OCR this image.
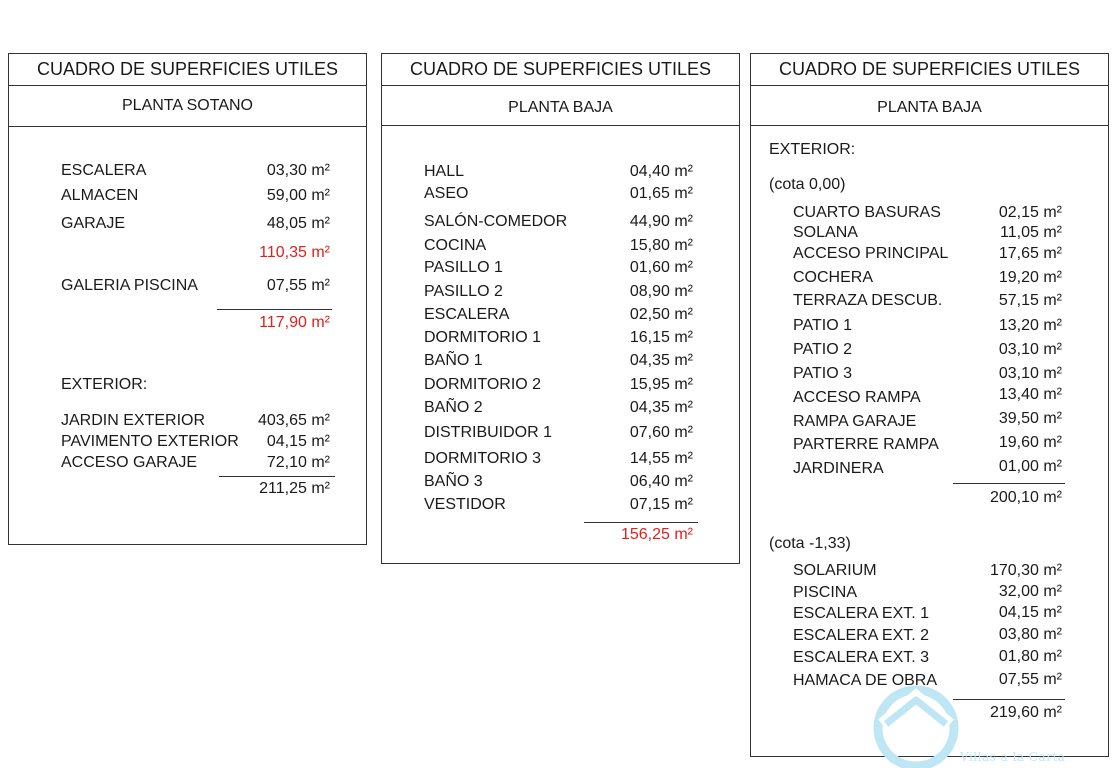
CUADRO DE SUPERFICIES UTILES
PLANTA SOTANO
ESCALERA	03,30 m²
ALMACEN	59,00 m²
GARAJE	48,05 m²
110,35 m²
GALERIA PISCINA	07,55 m²
117,90 m²
EXTERIOR:
JARDIN EXTERIOR	403,65 m²
PAVIMENTO EXTERIOR 04,15 m²
ACCESO GARAJE	72,10 m²
211,25 m²
CUADRO DE SUPERFICIES UTILES
PLANTA BAJA
HALL	04,40 m²
ASEO	01,65 m²
SALÓN-COMEDOR	44,90 m²
COCINA	15,80 m²
PASILLO 1	01,60 m²
PASILLO 2	08,90 m²
ESCALERA	02,50 m²
DORMITORIO 1	16,15 m²
BAÑO 1	04,35 m²
DORMITORIO 2	15,95 m²
BAÑO 2	04,35 m²
DISTRIBUIDOR 1	07,60 m²
DORMITORIO 3	14,55 m²
BAÑO 3	06,40 m²
VESTIDOR	07,15 m²
156,25 m²
CUADRO DE SUPERFICIES UTILES
PLANTA BAJA
EXTERIOR:
(cota 0,00)
CUARTO BASURAS	02,15 m²
SOLANA	11,05 m²
ACCESO PRINCIPAL	17,65 m²
COCHERA	19,20 m²
TERRAZA DESCUB.	57,15 m²
PATIO 1	13,20 m²
PATIO 2	03,10 m²
PATIO 3	03,10 m²
ACCESO RAMPA	13,40 m²
RAMPA GARAJE	39,50 m²
PARTERRE RAMPA	19,60 m²
JARDINERA	01,00 m²
200,10 m²
(cota -1,33)
SOLARIUM	170,30 m²
PISCINA	32,00 m²
ESCALERA EXT. 1	04,15 m²
ESCALERA EXT. 2	03,80 m²
ESCALERA EXT. 3	01,80 m²
HAMACA DE OBRA	07,55 m²
219,60 m²
Villas a la Carta
